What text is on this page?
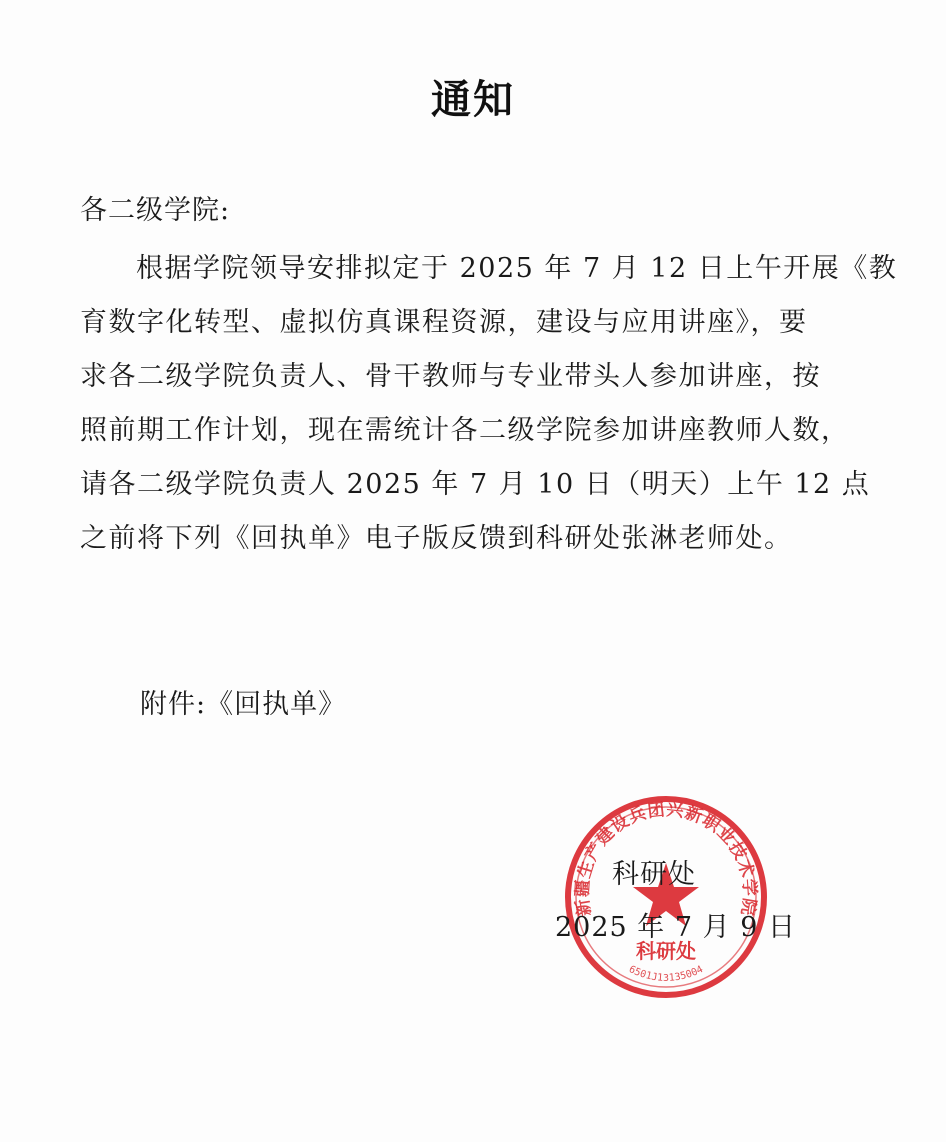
通知
各二级学院:
根据学院领导安排拟定于 2025 年 7 月 12 日上午开展《教
育数字化转型、虚拟仿真课程资源，建设与应用讲座》，要
求各二级学院负责人、骨干教师与专业带头人参加讲座，按
照前期工作计划，现在需统计各二级学院参加讲座教师人数，
请各二级学院负责人 2025 年 7 月 10 日（明天）上午 12 点
之前将下列《回执单》电子版反馈到科研处张淋老师处。
附件:《回执单》
新疆生产建设兵团兴新职业技术学院
科研处
6501J13135004
科研处
2025 年 7 月 9 日
